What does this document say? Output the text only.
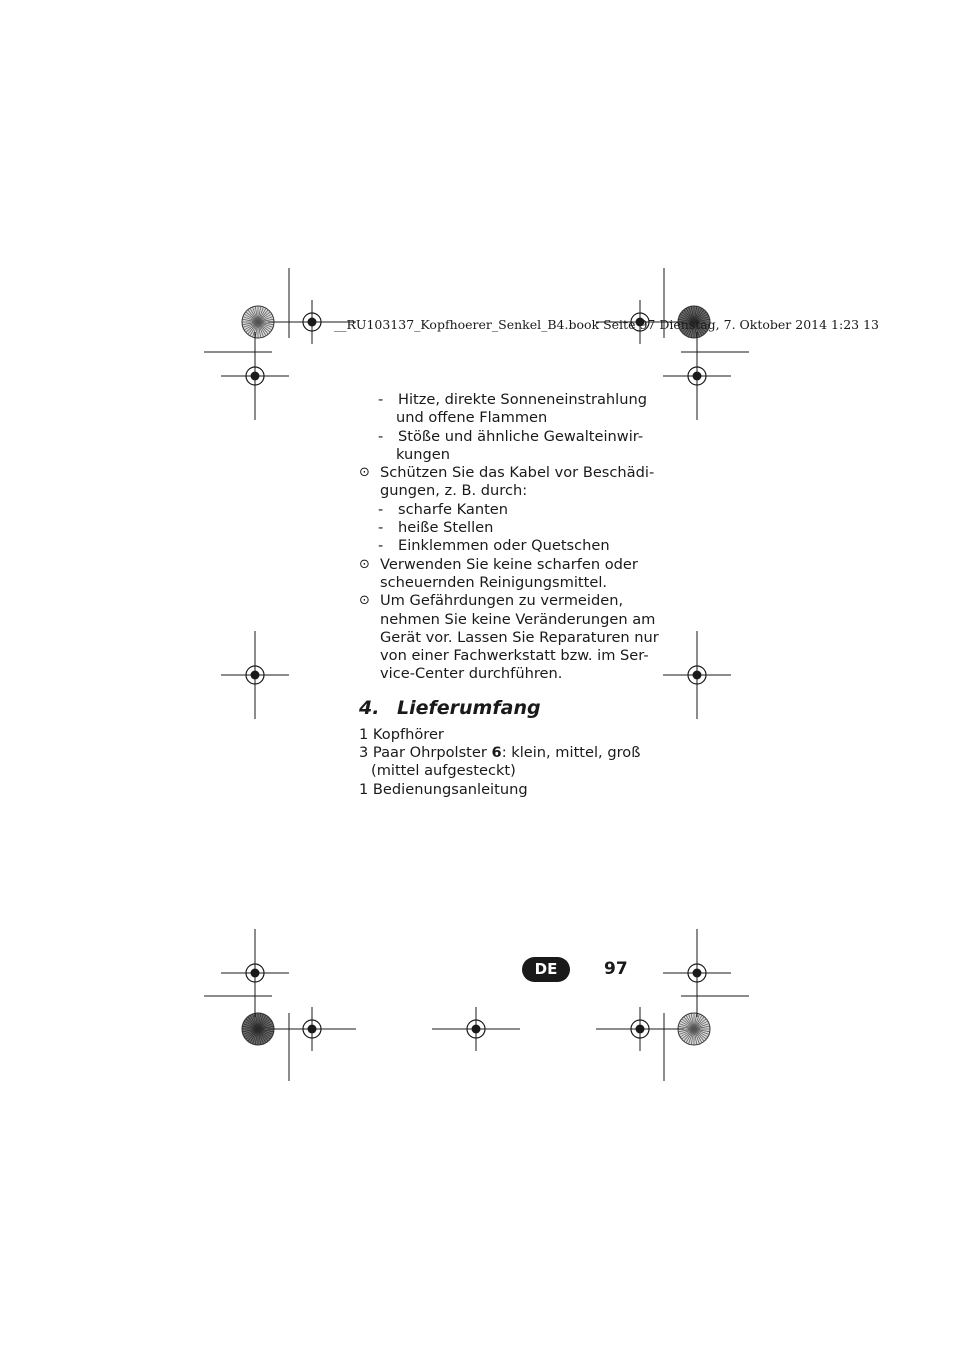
__RU103137_Kopfhoerer_Senkel_B4.book Seite 97 Dienstag, 7. Oktober 2014 1:23 13
- Hitze, direkte Sonneneinstrahlung
und offene Flammen
- Stöße und ähnliche Gewalteinwir-
kungen
⊙ Schützen Sie das Kabel vor Beschädi-
gungen, z. B. durch:
- scharfe Kanten
- heiße Stellen
- Einklemmen oder Quetschen
⊙ Verwenden Sie keine scharfen oder
scheuernden Reinigungsmittel.
⊙ Um Gefährdungen zu vermeiden,
nehmen Sie keine Veränderungen am
Gerät vor. Lassen Sie Reparaturen nur
von einer Fachwerkstatt bzw. im Ser-
vice-Center durchführen.
4. Lieferumfang
1 Kopfhörer
3 Paar Ohrpolster 6: klein, mittel, groß
(mittel aufgesteckt)
1 Bedienungsanleitung
DE	97
